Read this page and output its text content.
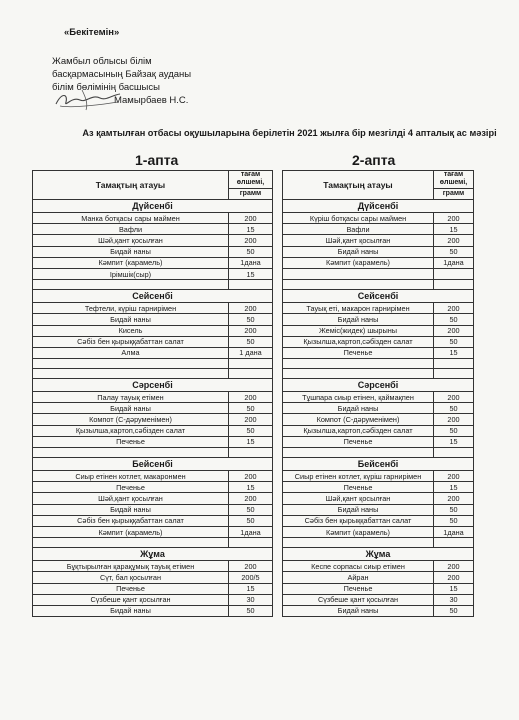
«Бекітемін»
Жамбыл облысы білім
басқармасының Байзақ ауданы
білім бөлімінің басшысы
Мамырбаев Н.С.
Аз қамтылған отбасы оқушыларына берілетін 2021 жылға бір мезгілді 4 апталық ас мәзірі
1-апта	2-апта
Тамақтың атауы	тағам өлшемі,
	грамм
Дүйсенбі	
Манка ботқасы сары маймен	200
Вафли	15
Шәй,қант қосылған	200
Бидай наны	50
Кәмпит (карамель)	1дана
Ірімшік(сыр)	15

Сейсенбі	
Тефтели, күріш гарнирімен	200
Бидай наны	50
Кисель	200
Сәбіз бен қырыққабаттан салат	50
Алма	1 дана

Сәрсенбі	
Палау тауық етімен	200
Бидай наны	50
Компот (С-дәруменімен)	200
Қызылша,картоп,сәбізден салат	50
Печенье	15

Бейсенбі	
Сиыр етінен котлет, макаронмен	200
Печенье	15
Шәй,қант қосылған	200
Бидай наны	50
Сәбіз бен қырыққабаттан салат	50
Кәмпит (карамель)	1дана

Жұма	
Бұқтырылған қарақұмық тауық етімен	200
Сүт, бал қосылған	200/5
Печенье	15
Сүзбеше қант қосылған	30
Бидай наны	50
Тамақтың атауы	тағам өлшемі,
	грамм
Дүйсенбі	
Күріш ботқасы сары маймен	200
Вафли	15
Шәй,қант қосылған	200
Бидай наны	50
Кәмпит (карамель)	1дана

Сейсенбі	
Тауық еті, макарон гарнирімен	200
Бидай наны	50
Жеміс(жидек) шырыны	200
Қызылша,картоп,сәбізден салат	50
Печенье	15

Сәрсенбі	
Тұшпара сиыр етінен, қаймақпен	200
Бидай наны	50
Компот (С-дәруменімен)	200
Қызылша,картоп,сәбізден салат	50
Печенье	15

Бейсенбі	
Сиыр етінен котлет, күріш гарнирімен	200
Печенье	15
Шәй,қант қосылған	200
Бидай наны	50
Сәбіз бен қырыққабаттан салат	50
Кәмпит (карамель)	1дана

Жұма	
Кеспе сорпасы сиыр етімен	200
Айран	200
Печенье	15
Сүзбеше қант қосылған	30
Бидай наны	50
